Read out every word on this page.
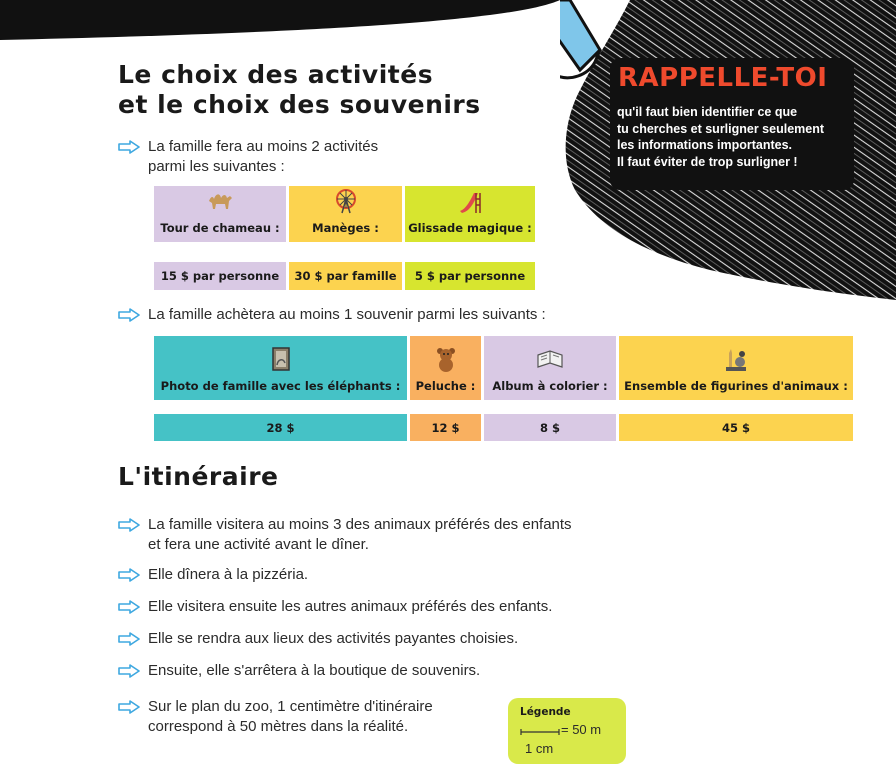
RAPPELLE-TOI
qu'il faut bien identifier ce que
tu cherches et surligner seulement
les informations importantes.
Il faut éviter de trop surligner !
Le choix des activités
et le choix des souvenirs
La famille fera au moins 2 activités
parmi les suivantes :
Tour de chameau :	Manèges :	Glissade magique :
15 $ par personne	30 $ par famille	5 $ par personne
La famille achètera au moins 1 souvenir parmi les suivants :
Photo de famille avec les éléphants : Peluche : Album à colorier : Ensemble de figurines d'animaux :
28 $	12 $	8 $	45 $
L'itinéraire
La famille visitera au moins 3 des animaux préférés des enfants
et fera une activité avant le dîner.
Elle dînera à la pizzéria.
Elle visitera ensuite les autres animaux préférés des enfants.
Elle se rendra aux lieux des activités payantes choisies.
Ensuite, elle s'arrêtera à la boutique de souvenirs.
Sur le plan du zoo, 1 centimètre d'itinéraire
correspond à 50 mètres dans la réalité.
Légende
= 50 m
1 cm
